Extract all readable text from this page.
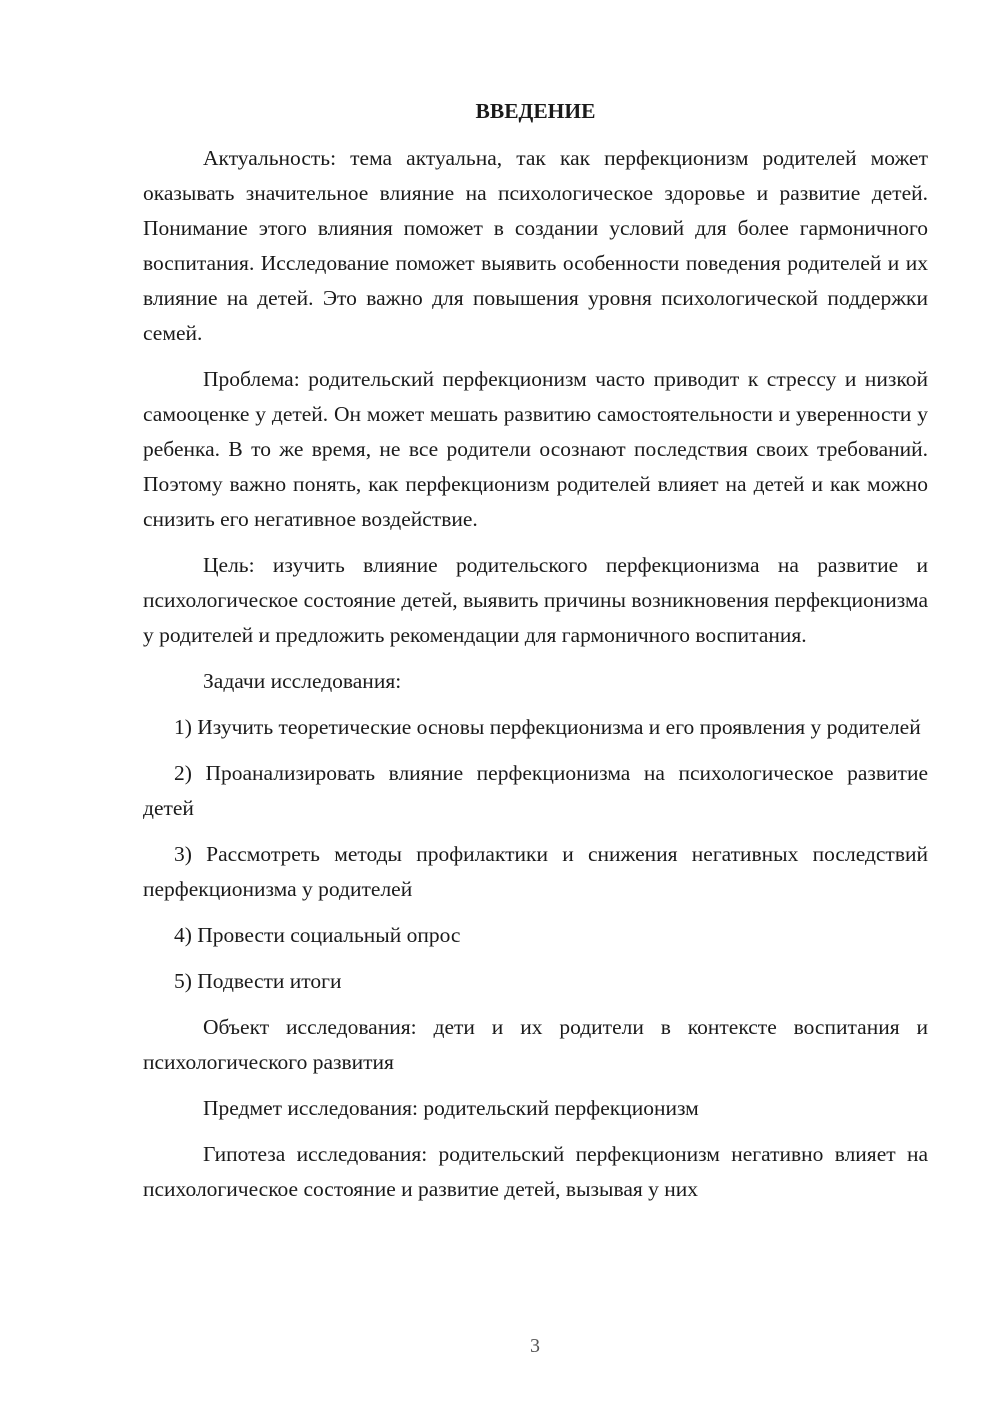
ВВЕДЕНИЕ

Актуальность: тема актуальна, так как перфекционизм родителей может оказывать значительное влияние на психологическое здоровье и развитие детей. Понимание этого влияния поможет в создании условий для более гармоничного воспитания. Исследование поможет выявить особенности поведения родителей и их влияние на детей. Это важно для повышения уровня психологической поддержки семей.

Проблема: родительский перфекционизм часто приводит к стрессу и низкой самооценке у детей. Он может мешать развитию самостоятельности и уверенности у ребенка. В то же время, не все родители осознают последствия своих требований. Поэтому важно понять, как перфекционизм родителей влияет на детей и как можно снизить его негативное воздействие.

Цель: изучить влияние родительского перфекционизма на развитие и психологическое состояние детей, выявить причины возникновения перфекционизма у родителей и предложить рекомендации для гармоничного воспитания.

Задачи исследования:

1) Изучить теоретические основы перфекционизма и его проявления у родителей

2) Проанализировать влияние перфекционизма на психологическое развитие детей

3) Рассмотреть методы профилактики и снижения негативных последствий перфекционизма у родителей

4) Провести социальный опрос

5) Подвести итоги

Объект исследования: дети и их родители в контексте воспитания и психологического развития

Предмет исследования: родительский перфекционизм

Гипотеза исследования: родительский перфекционизм негативно влияет на психологическое состояние и развитие детей, вызывая у них

3
